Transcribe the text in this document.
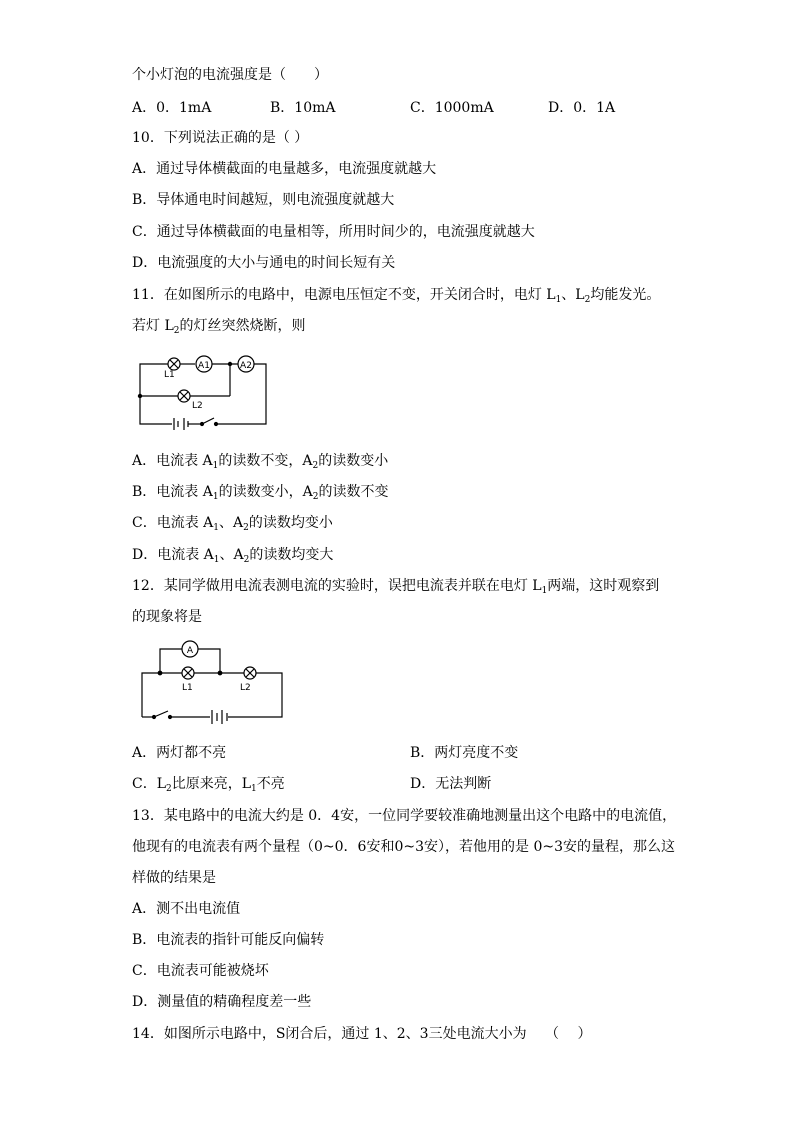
个小灯泡的电流强度是（　　）
A．0．1mA	B．10mA	C．1000mA	D．0．1A
10．下列说法正确的是（ ）
A．通过导体横截面的电量越多，电流强度就越大
B．导体通电时间越短，则电流强度就越大
C．通过导体横截面的电量相等，所用时间少的，电流强度就越大
D．电流强度的大小与通电的时间长短有关
11．在如图所示的电路中，电源电压恒定不变，开关闭合时，电灯 $L_1$、$L_2$均能发光。
若灯 $L_2$的灯丝突然烧断，则
A1	A2
L1
L2
A．电流表 $A_1$的读数不变，$A_2$的读数变小
B．电流表 $A_1$的读数变小，$A_2$的读数不变
C．电流表 $A_1$、$A_2$的读数均变小
D．电流表 $A_1$、$A_2$的读数均变大
12．某同学做用电流表测电流的实验时，误把电流表并联在电灯 $L_1$两端，这时观察到
的现象将是
A
L1	L2
A．两灯都不亮	B．两灯亮度不变
C．$L_2$比原来亮，$L_1$不亮	D．无法判断
13．某电路中的电流大约是 0．4安，一位同学要较准确地测量出这个电路中的电流值，
他现有的电流表有两个量程（0~0．6安和0~3安），若他用的是 0~3安的量程，那么这
样做的结果是
A．测不出电流值
B．电流表的指针可能反向偏转
C．电流表可能被烧坏
D．测量值的精确程度差一些
14．如图所示电路中，S闭合后，通过 1、2、3三处电流大小为　 （　 ）
